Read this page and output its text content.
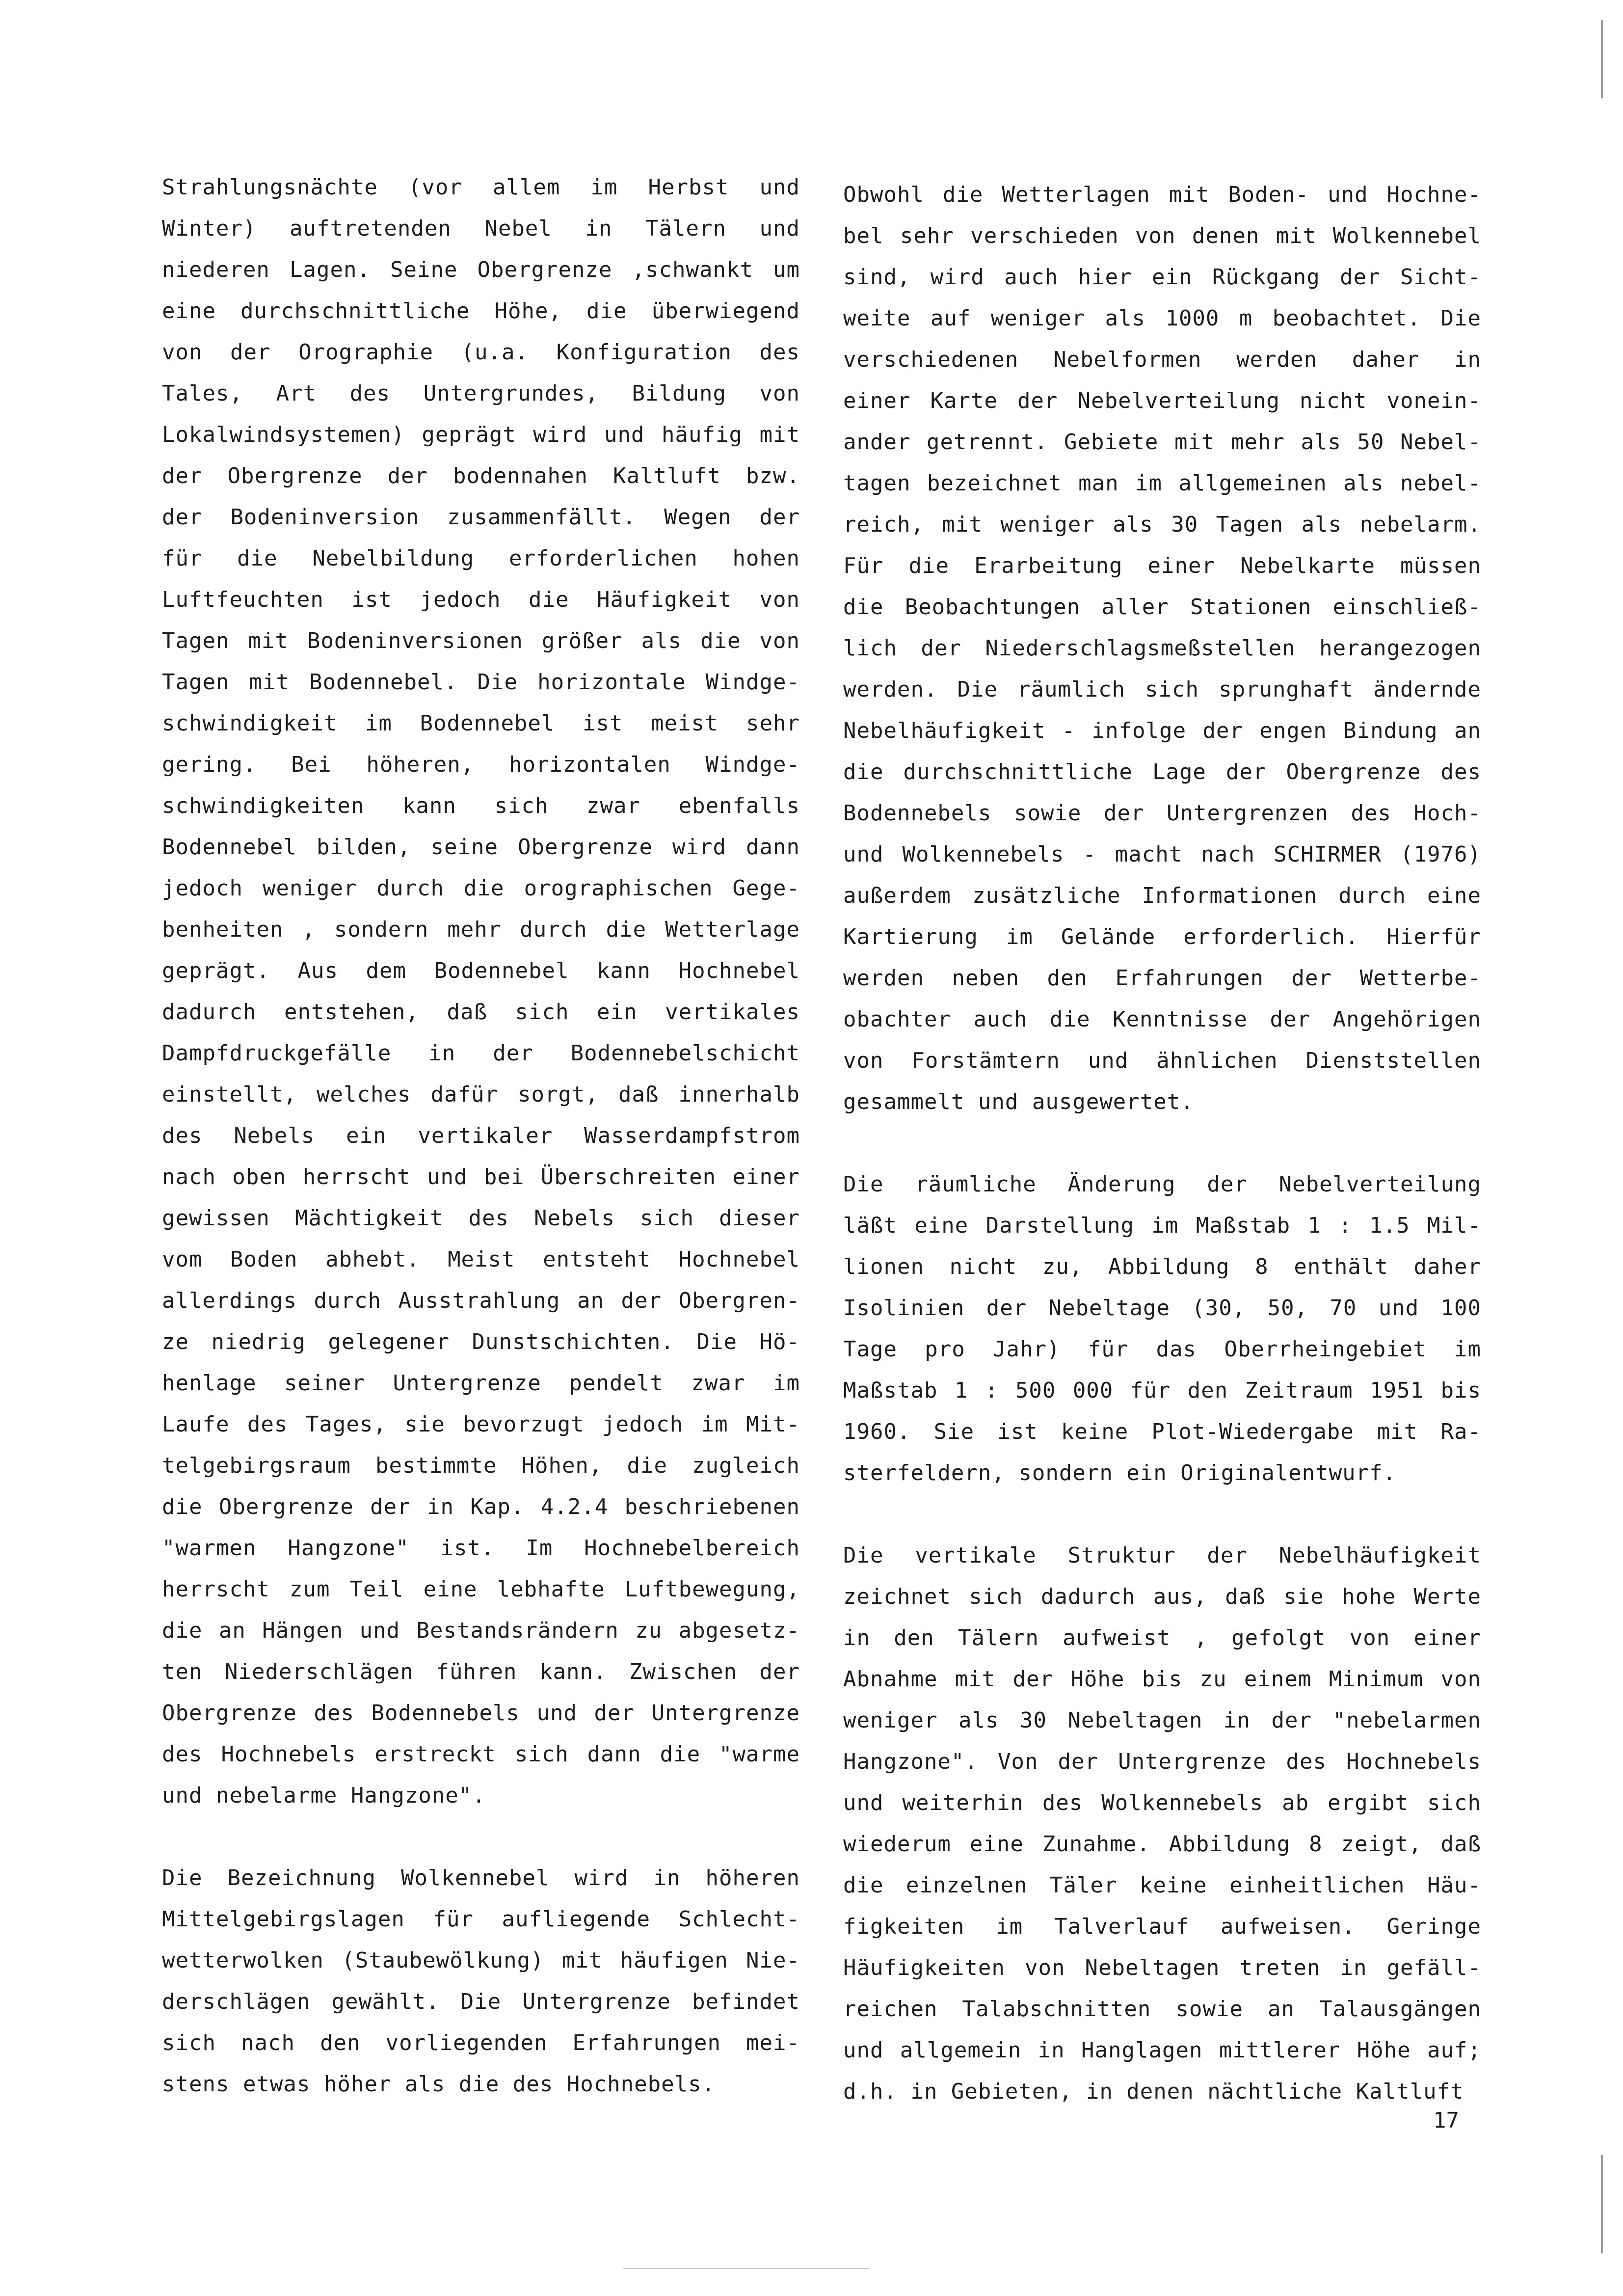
Strahlungsnächte (vor allem im Herbst und
Winter) auftretenden Nebel in Tälern und
niederen Lagen. Seine Obergrenze ‚schwankt um
eine durchschnittliche Höhe, die überwiegend
von der Orographie (u.a. Konfiguration des
Tales, Art des Untergrundes, Bildung von
Lokalwindsystemen) geprägt wird und häufig mit
der Obergrenze der bodennahen Kaltluft bzw.
der Bodeninversion zusammenfällt. Wegen der
für die Nebelbildung erforderlichen hohen
Luftfeuchten ist jedoch die Häufigkeit von
Tagen mit Bodeninversionen größer als die von
Tagen mit Bodennebel. Die horizontale Windge-
schwindigkeit im Bodennebel ist meist sehr
gering. Bei höheren, horizontalen Windge-
schwindigkeiten kann sich zwar ebenfalls
Bodennebel bilden, seine Obergrenze wird dann
jedoch weniger durch die orographischen Gege-
benheiten , sondern mehr durch die Wetterlage
geprägt. Aus dem Bodennebel kann Hochnebel
dadurch entstehen, daß sich ein vertikales
Dampfdruckgefälle in der Bodennebelschicht
einstellt, welches dafür sorgt, daß innerhalb
des Nebels ein vertikaler Wasserdampfstrom
nach oben herrscht und bei Überschreiten einer
gewissen Mächtigkeit des Nebels sich dieser
vom Boden abhebt. Meist entsteht Hochnebel
allerdings durch Ausstrahlung an der Obergren-
ze niedrig gelegener Dunstschichten. Die Hö-
henlage seiner Untergrenze pendelt zwar im
Laufe des Tages, sie bevorzugt jedoch im Mit-
telgebirgsraum bestimmte Höhen, die zugleich
die Obergrenze der in Kap. 4.2.4 beschriebenen
"warmen Hangzone" ist. Im Hochnebelbereich
herrscht zum Teil eine lebhafte Luftbewegung,
die an Hängen und Bestandsrändern zu abgesetz-
ten Niederschlägen führen kann. Zwischen der
Obergrenze des Bodennebels und der Untergrenze
des Hochnebels erstreckt sich dann die "warme
und nebelarme Hangzone".
Die Bezeichnung Wolkennebel wird in höheren
Mittelgebirgslagen für aufliegende Schlecht-
wetterwolken (Staubewölkung) mit häufigen Nie-
derschlägen gewählt. Die Untergrenze befindet
sich nach den vorliegenden Erfahrungen mei-
stens etwas höher als die des Hochnebels.
Obwohl die Wetterlagen mit Boden- und Hochne-
bel sehr verschieden von denen mit Wolkennebel
sind, wird auch hier ein Rückgang der Sicht-
weite auf weniger als 1000 m beobachtet. Die
verschiedenen Nebelformen werden daher in
einer Karte der Nebelverteilung nicht vonein-
ander getrennt. Gebiete mit mehr als 50 Nebel-
tagen bezeichnet man im allgemeinen als nebel-
reich, mit weniger als 30 Tagen als nebelarm.
Für die Erarbeitung einer Nebelkarte müssen
die Beobachtungen aller Stationen einschließ-
lich der Niederschlagsmeßstellen herangezogen
werden. Die räumlich sich sprunghaft ändernde
Nebelhäufigkeit - infolge der engen Bindung an
die durchschnittliche Lage der Obergrenze des
Bodennebels sowie der Untergrenzen des Hoch-
und Wolkennebels - macht nach SCHIRMER (1976)
außerdem zusätzliche Informationen durch eine
Kartierung im Gelände erforderlich. Hierfür
werden neben den Erfahrungen der Wetterbe-
obachter auch die Kenntnisse der Angehörigen
von Forstämtern und ähnlichen Dienststellen
gesammelt und ausgewertet.
Die räumliche Änderung der Nebelverteilung
läßt eine Darstellung im Maßstab 1 : 1.5 Mil-
lionen nicht zu, Abbildung 8 enthält daher
Isolinien der Nebeltage (30, 50, 70 und 100
Tage pro Jahr) für das Oberrheingebiet im
Maßstab 1 : 500 000 für den Zeitraum 1951 bis
1960. Sie ist keine Plot-Wiedergabe mit Ra-
sterfeldern, sondern ein Originalentwurf.
Die vertikale Struktur der Nebelhäufigkeit
zeichnet sich dadurch aus, daß sie hohe Werte
in den Tälern aufweist , gefolgt von einer
Abnahme mit der Höhe bis zu einem Minimum von
weniger als 30 Nebeltagen in der "nebelarmen
Hangzone". Von der Untergrenze des Hochnebels
und weiterhin des Wolkennebels ab ergibt sich
wiederum eine Zunahme. Abbildung 8 zeigt, daß
die einzelnen Täler keine einheitlichen Häu-
figkeiten im Talverlauf aufweisen. Geringe
Häufigkeiten von Nebeltagen treten in gefäll-
reichen Talabschnitten sowie an Talausgängen
und allgemein in Hanglagen mittlerer Höhe auf;
d.h. in Gebieten, in denen nächtliche Kaltluft
17
